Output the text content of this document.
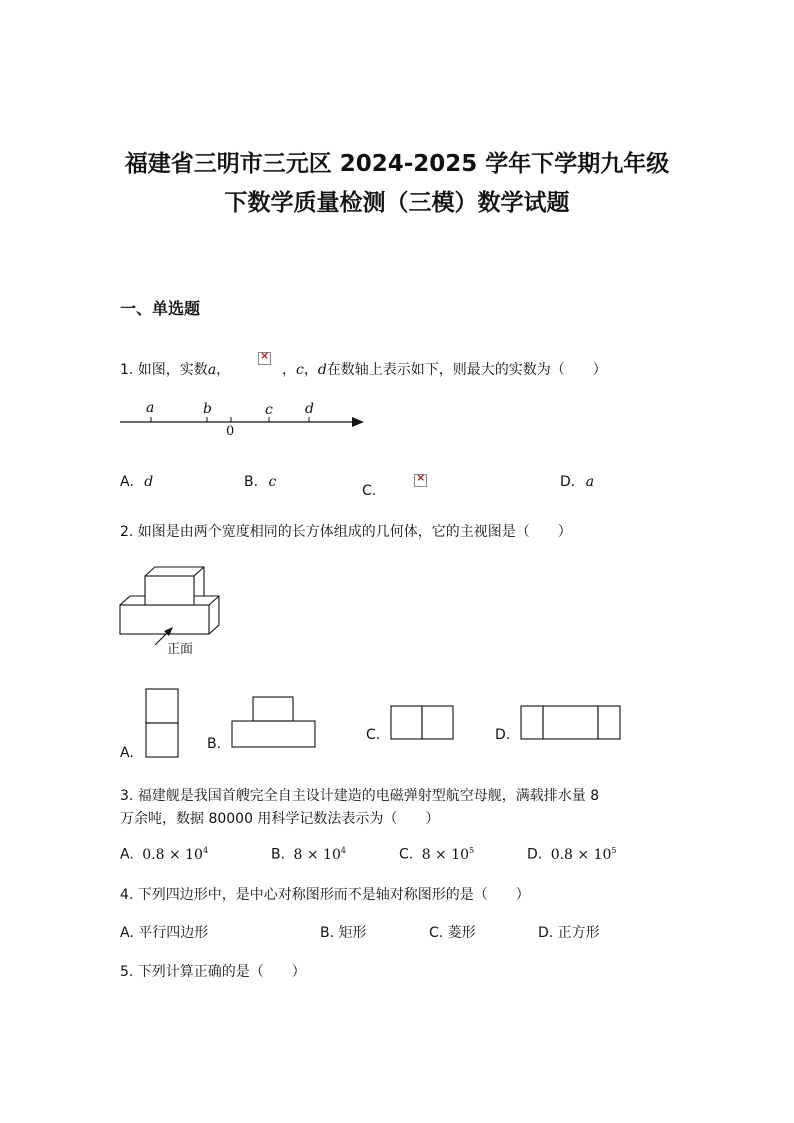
福建省三明市三元区 2024-2025 学年下学期九年级
下数学质量检测（三模）数学试题
一、单选题
1. 如图，实数a，
×	，c，d在数轴上表示如下，则最大的实数为（　　）
a	b	c d
0
A. d	B. c
C.
×
D. a
2. 如图是由两个宽度相同的长方体组成的几何体，它的主视图是（　　）
正面
A.
B.
C.	D.
3. 福建舰是我国首艘完全自主设计建造的电磁弹射型航空母舰，满载排水量 8
万余吨，数据 80000 用科学记数法表示为（　　）
A. $0.8 \times 10^4$	B. $8 \times 10^4$	C. $8 \times 10^5$	D. $0.8 \times 10^5$
4. 下列四边形中，是中心对称图形而不是轴对称图形的是（　　）
A. 平行四边形	B. 矩形	C. 菱形	D. 正方形
5. 下列计算正确的是（　　）
